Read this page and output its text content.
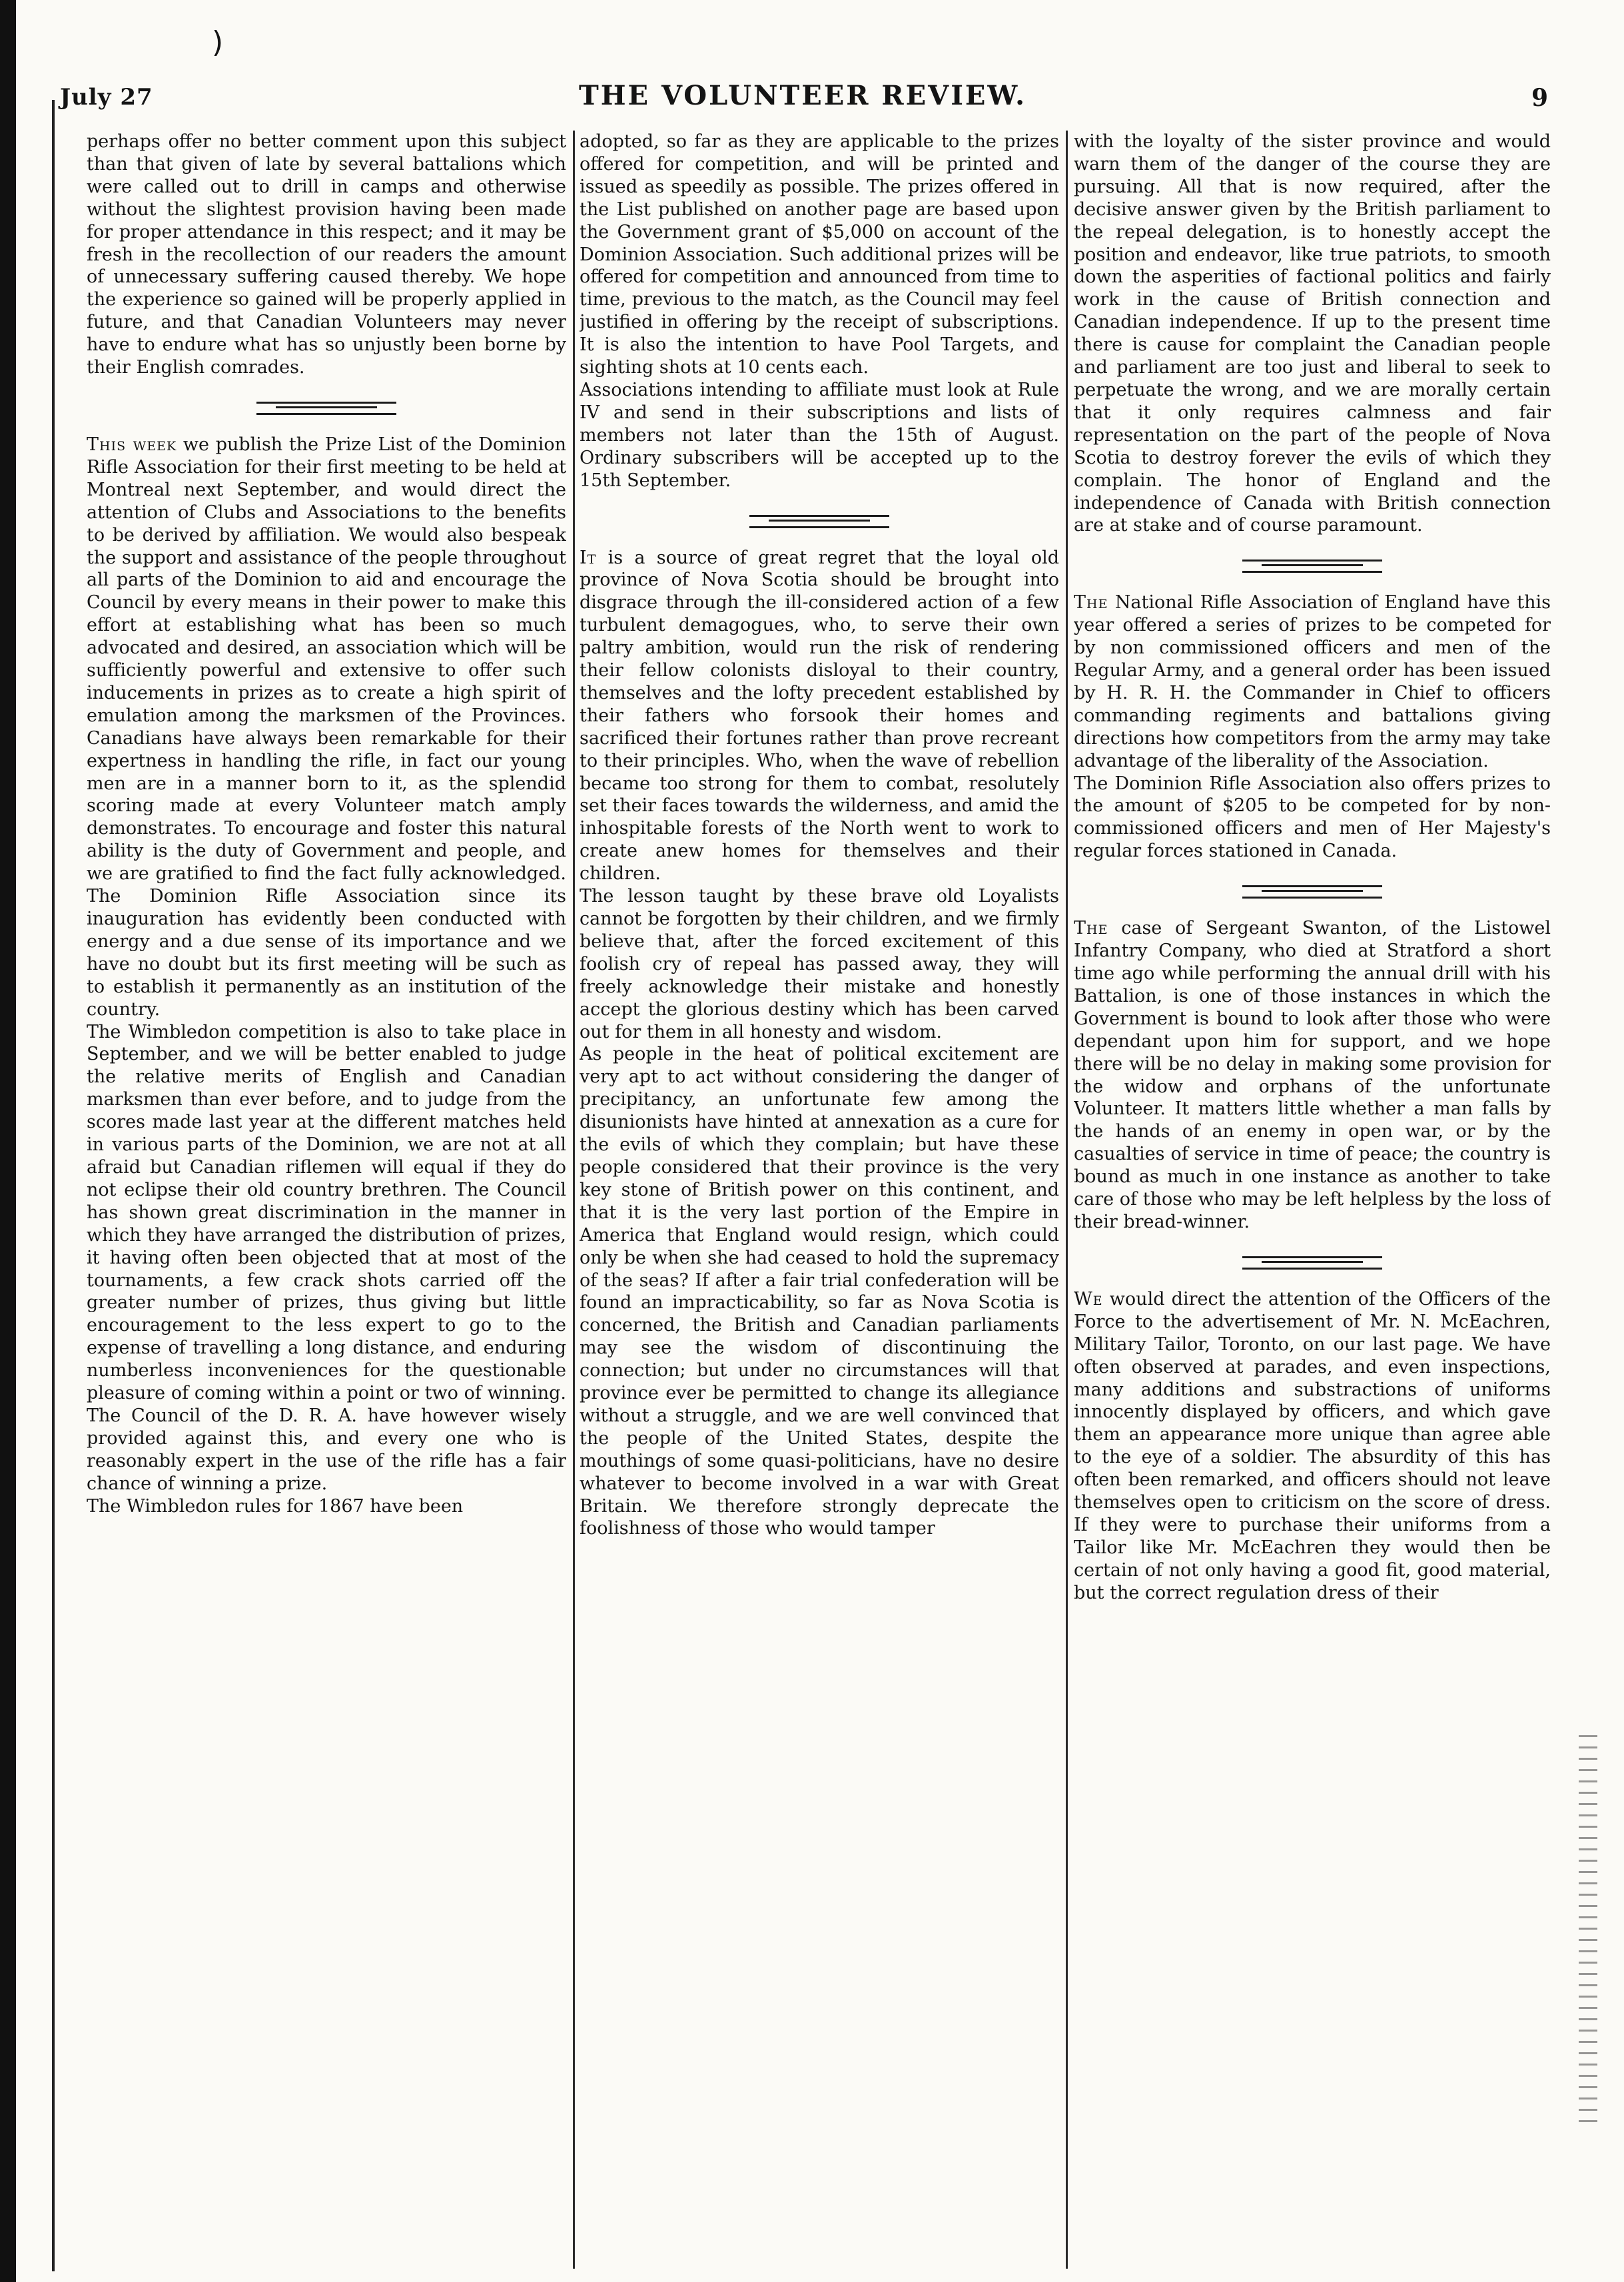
)
July 27	THE VOLUNTEER REVIEW.	9

perhaps offer no better comment upon this subject than that given of late by several battalions which were called out to drill in camps and otherwise without the slightest provision having been made for proper attendance in this respect; and it may be fresh in the recollection of our readers the amount of unnecessary suffering caused thereby. We hope the experience so gained will be properly applied in future, and that Canadian Volunteers may never have to endure what has so unjustly been borne by their English comrades.

This week we publish the Prize List of the Dominion Rifle Association for their first meeting to be held at Montreal next September, and would direct the attention of Clubs and Associations to the benefits to be derived by affiliation. We would also bespeak the support and assistance of the people throughout all parts of the Dominion to aid and encourage the Council by every means in their power to make this effort at establishing what has been so much advocated and desired, an association which will be sufficiently powerful and extensive to offer such inducements in prizes as to create a high spirit of emulation among the marksmen of the Provinces. Canadians have always been remarkable for their expertness in handling the rifle, in fact our young men are in a manner born to it, as the splendid scoring made at every Volunteer match amply demonstrates. To encourage and foster this natural ability is the duty of Government and people, and we are gratified to find the fact fully acknowledged. The Dominion Rifle Association since its inauguration has evidently been conducted with energy and a due sense of its importance and we have no doubt but its first meeting will be such as to establish it permanently as an institution of the country.

The Wimbledon competition is also to take place in September, and we will be better enabled to judge the relative merits of English and Canadian marksmen than ever before, and to judge from the scores made last year at the different matches held in various parts of the Dominion, we are not at all afraid but Canadian riflemen will equal if they do not eclipse their old country brethren. The Council has shown great discrimination in the manner in which they have arranged the distribution of prizes, it having often been objected that at most of the tournaments, a few crack shots carried off the greater number of prizes, thus giving but little encouragement to the less expert to go to the expense of travelling a long distance, and enduring numberless inconveniences for the questionable pleasure of coming within a point or two of winning. The Council of the D. R. A. have however wisely provided against this, and every one who is reasonably expert in the use of the rifle has a fair chance of winning a prize.

The Wimbledon rules for 1867 have been

adopted, so far as they are applicable to the prizes offered for competition, and will be printed and issued as speedily as possible. The prizes offered in the List published on another page are based upon the Government grant of $5,000 on account of the Dominion Association. Such additional prizes will be offered for competition and announced from time to time, previous to the match, as the Council may feel justified in offering by the receipt of subscriptions. It is also the intention to have Pool Targets, and sighting shots at 10 cents each.

Associations intending to affiliate must look at Rule IV and send in their subscriptions and lists of members not later than the 15th of August. Ordinary subscribers will be accepted up to the 15th September.

It is a source of great regret that the loyal old province of Nova Scotia should be brought into disgrace through the ill-considered action of a few turbulent demagogues, who, to serve their own paltry ambition, would run the risk of rendering their fellow colonists disloyal to their country, themselves and the lofty precedent established by their fathers who forsook their homes and sacrificed their fortunes rather than prove recreant to their principles. Who, when the wave of rebellion became too strong for them to combat, resolutely set their faces towards the wilderness, and amid the inhospitable forests of the North went to work to create anew homes for themselves and their children.

The lesson taught by these brave old Loyalists cannot be forgotten by their children, and we firmly believe that, after the forced excitement of this foolish cry of repeal has passed away, they will freely acknowledge their mistake and honestly accept the glorious destiny which has been carved out for them in all honesty and wisdom.

As people in the heat of political excitement are very apt to act without considering the danger of precipitancy, an unfortunate few among the disunionists have hinted at annexation as a cure for the evils of which they complain; but have these people considered that their province is the very key stone of British power on this continent, and that it is the very last portion of the Empire in America that England would resign, which could only be when she had ceased to hold the supremacy of the seas? If after a fair trial confederation will be found an impracticability, so far as Nova Scotia is concerned, the British and Canadian parliaments may see the wisdom of discontinuing the connection; but under no circumstances will that province ever be permitted to change its allegiance without a struggle, and we are well convinced that the people of the United States, despite the mouthings of some quasi-politicians, have no desire whatever to become involved in a war with Great Britain. We therefore strongly deprecate the foolishness of those who would tamper

with the loyalty of the sister province and would warn them of the danger of the course they are pursuing. All that is now required, after the decisive answer given by the British parliament to the repeal delegation, is to honestly accept the position and endeavor, like true patriots, to smooth down the asperities of factional politics and fairly work in the cause of British connection and Canadian independence. If up to the present time there is cause for complaint the Canadian people and parliament are too just and liberal to seek to perpetuate the wrong, and we are morally certain that it only requires calmness and fair representation on the part of the people of Nova Scotia to destroy forever the evils of which they complain. The honor of England and the independence of Canada with British connection are at stake and of course paramount.

The National Rifle Association of England have this year offered a series of prizes to be competed for by non commissioned officers and men of the Regular Army, and a general order has been issued by H. R. H. the Commander in Chief to officers commanding regiments and battalions giving directions how competitors from the army may take advantage of the liberality of the Association.

The Dominion Rifle Association also offers prizes to the amount of $205 to be competed for by non-commissioned officers and men of Her Majesty's regular forces stationed in Canada.

The case of Sergeant Swanton, of the Listowel Infantry Company, who died at Stratford a short time ago while performing the annual drill with his Battalion, is one of those instances in which the Government is bound to look after those who were dependant upon him for support, and we hope there will be no delay in making some provision for the widow and orphans of the unfortunate Volunteer. It matters little whether a man falls by the hands of an enemy in open war, or by the casualties of service in time of peace; the country is bound as much in one instance as another to take care of those who may be left helpless by the loss of their bread-winner.

We would direct the attention of the Officers of the Force to the advertisement of Mr. N. McEachren, Military Tailor, Toronto, on our last page. We have often observed at parades, and even inspections, many additions and substractions of uniforms innocently displayed by officers, and which gave them an appearance more unique than agree able to the eye of a soldier. The absurdity of this has often been remarked, and officers should not leave themselves open to criticism on the score of dress. If they were to purchase their uniforms from a Tailor like Mr. McEachren they would then be certain of not only having a good fit, good material, but the correct regulation dress of their
